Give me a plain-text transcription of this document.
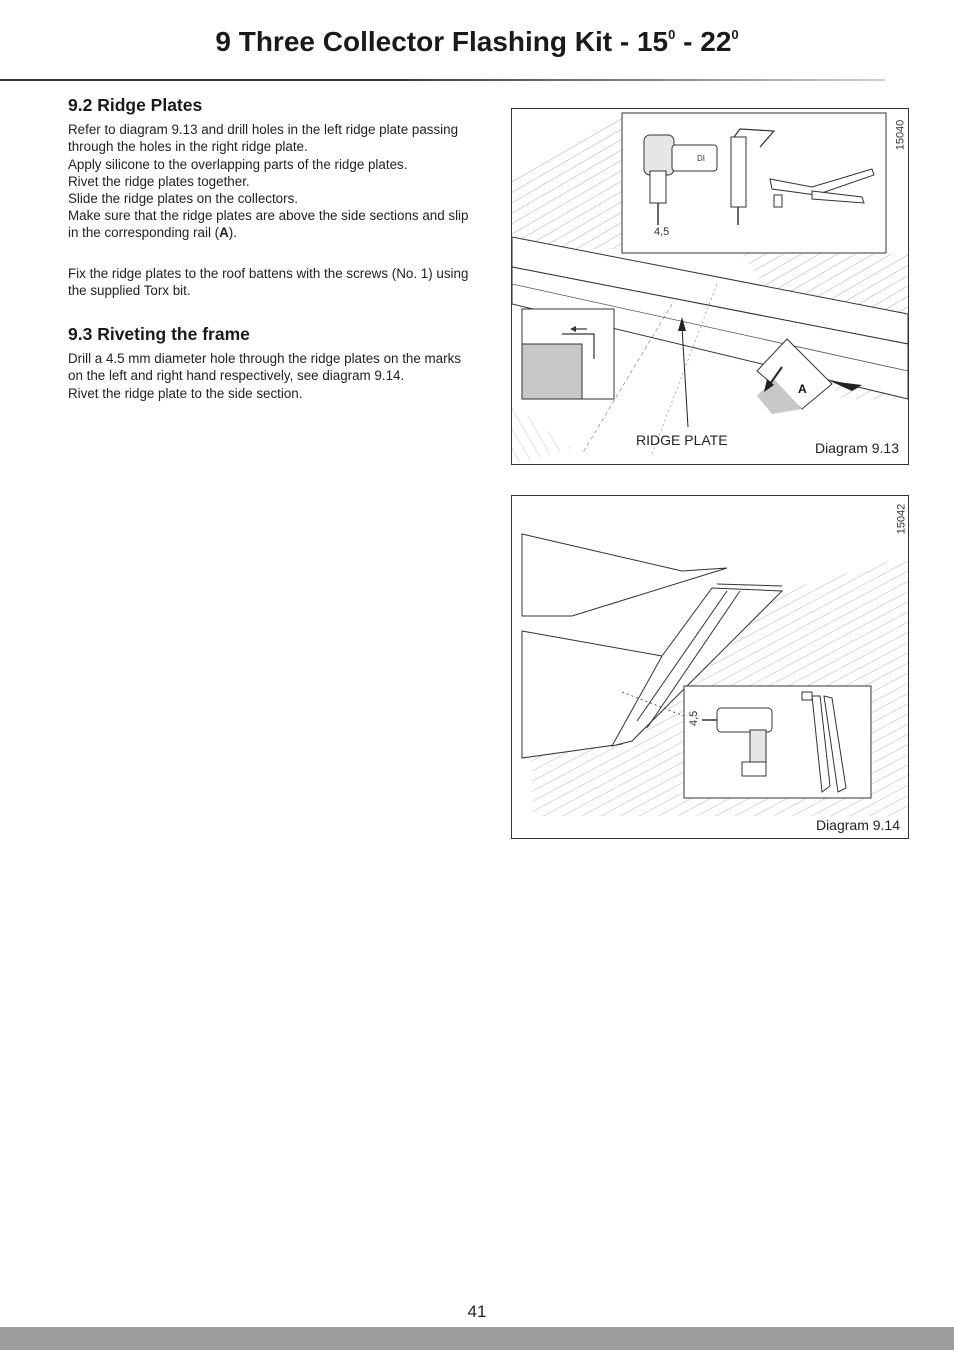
9 Three Collector Flashing Kit - $15^0 - 22^0$
9.2 Ridge Plates

Refer to diagram 9.13 and drill holes in the left ridge plate passing through the holes in the right ridge plate.
Apply silicone to the overlapping parts of the ridge plates.
Rivet the ridge plates together.
Slide the ridge plates on the collectors.
Make sure that the ridge plates are above the side sections and slip in the corresponding rail (A).

Fix the ridge plates to the roof battens with the screws (No. 1) using the supplied Torx bit.

9.3 Riveting the frame

Drill a 4.5 mm diameter hole through the ridge plates on the marks on the left and right hand respectively, see diagram 9.14.
Rivet the ridge plate to the side section.

DI
4,5
A
RIDGE PLATE
15040
Diagram 9.13
4,5
15042
Diagram 9.14
41
